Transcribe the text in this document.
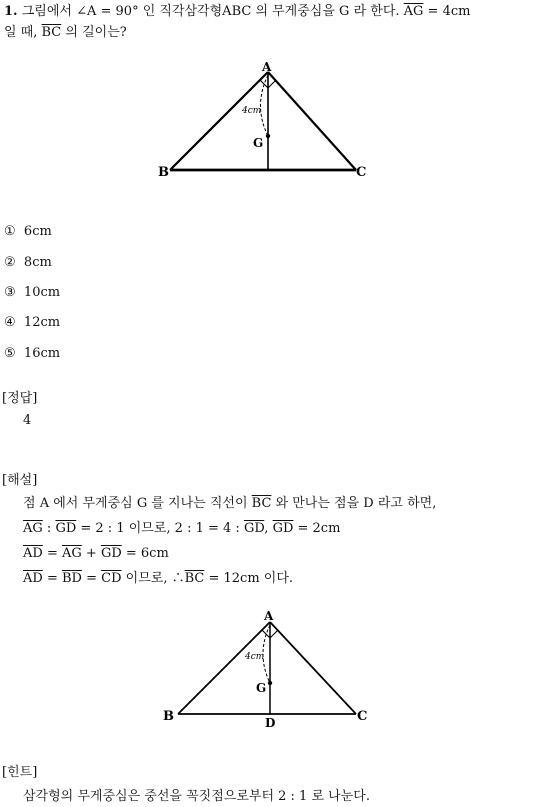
1. 그림에서 ∠A = 90° 인 직각삼각형ABC 의 무게중심을 G 라 한다. $\overline{AG} = 4cm$
일 때, $\overline{BC}$ 의 길이는?
A
B	C
G
4cm
① 6cm
② 8cm
③ 10cm
④ 12cm
⑤ 16cm
[정답]
4
[해설]
점 A 에서 무게중심 G 를 지나는 직선이 $\overline{BC}$ 와 만나는 점을 D 라고 하면,
$\overline{AG}$ : $\overline{GD} = 2$ : 1 이므로, 2 : 1 = 4 : $\overline{GD}$, $\overline{GD} = 2cm$
$\overline{AD} = \overline{AG} + \overline{GD} = 6cm$
$\overline{AD} = \overline{BD} = \overline{CD}$ 이므로, $\therefore\overline{BC} = 12cm$ 이다.
A
B	C
D
G
4cm
[힌트]
삼각형의 무게중심은 중선을 꼭짓점으로부터 2 : 1 로 나눈다.
